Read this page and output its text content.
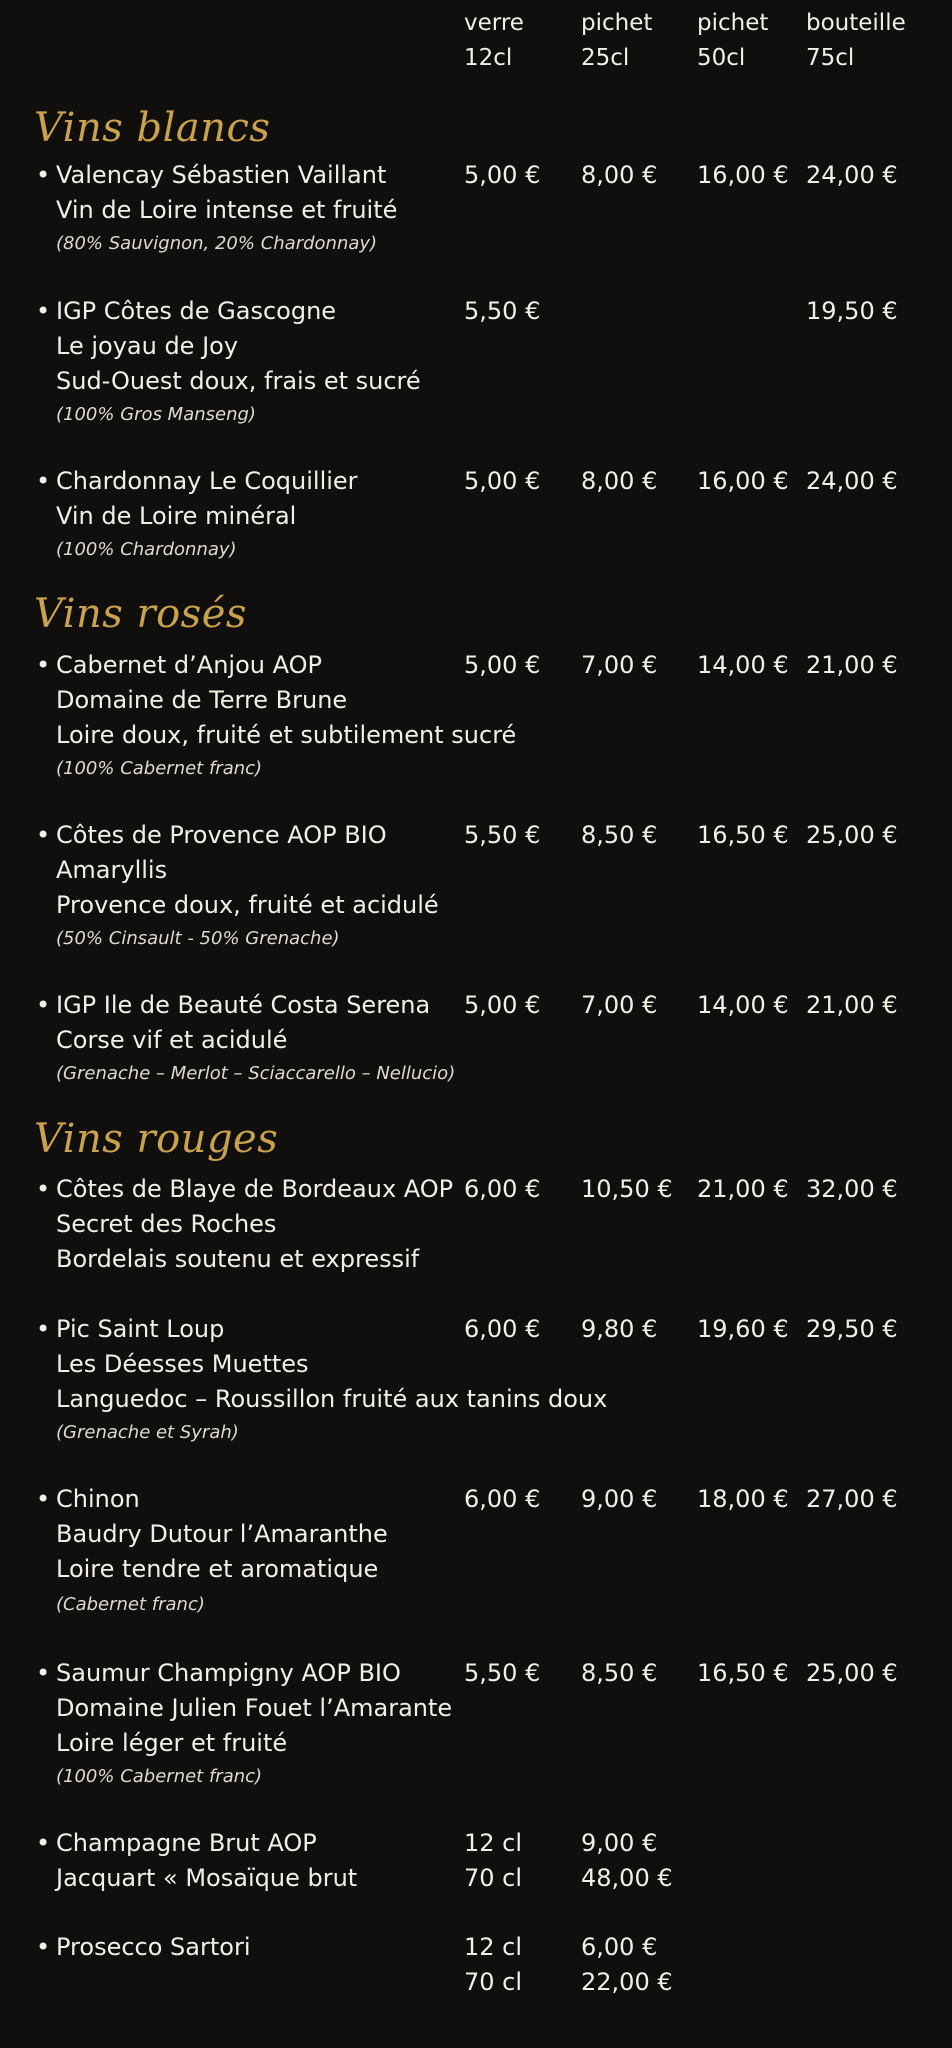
verre
12cl
pichet
25cl
pichet
50cl
bouteille
75cl
Vins blancs
• Valencay Sébastien Vaillant
Vin de Loire intense et fruité
(80% Sauvignon, 20% Chardonnay)
5,00 € 8,00 € 16,00 € 24,00 €
• IGP Côtes de Gascogne
Le joyau de Joy
Sud-Ouest doux, frais et sucré
(100% Gros Manseng)
5,50 €	19,50 €
• Chardonnay Le Coquillier
Vin de Loire minéral
(100% Chardonnay)
5,00 € 8,00 € 16,00 € 24,00 €
Vins rosés
• Cabernet d’Anjou AOP
Domaine de Terre Brune
Loire doux, fruité et subtilement sucré
(100% Cabernet franc)
5,00 € 7,00 € 14,00 € 21,00 €
• Côtes de Provence AOP BIO
Amaryllis
Provence doux, fruité et acidulé
(50% Cinsault - 50% Grenache)
5,50 € 8,50 € 16,50 € 25,00 €
• IGP Ile de Beauté Costa Serena
Corse vif et acidulé
(Grenache – Merlot – Sciaccarello – Nellucio)
5,00 € 7,00 € 14,00 € 21,00 €
Vins rouges
• Côtes de Blaye de Bordeaux AOP
Secret des Roches
Bordelais soutenu et expressif
6,00 € 10,50 € 21,00 € 32,00 €
• Pic Saint Loup
Les Déesses Muettes
Languedoc – Roussillon fruité aux tanins doux
(Grenache et Syrah)
6,00 € 9,80 € 19,60 € 29,50 €
• Chinon
Baudry Dutour l’Amaranthe
Loire tendre et aromatique
(Cabernet franc)
6,00 € 9,00 € 18,00 € 27,00 €
• Saumur Champigny AOP BIO
Domaine Julien Fouet l’Amarante
Loire léger et fruité
(100% Cabernet franc)
5,50 € 8,50 € 16,50 € 25,00 €
• Champagne Brut AOP
Jacquart « Mosaïque brut
12 cl
70 cl
9,00 €
48,00 €
• Prosecco Sartori	12 cl
70 cl
6,00 €
22,00 €
